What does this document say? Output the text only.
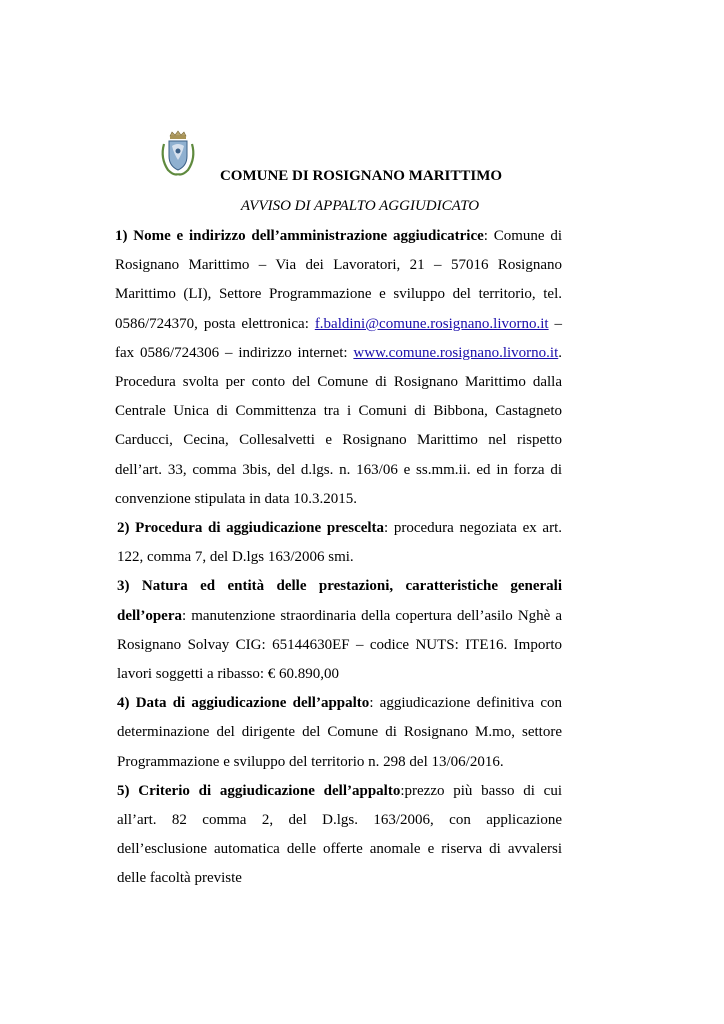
COMUNE DI ROSIGNANO MARITTIMO
AVVISO DI APPALTO AGGIUDICATO

1) Nome e indirizzo dell’amministrazione aggiudicatrice: Comune di Rosignano Marittimo – Via dei Lavoratori, 21 – 57016 Rosignano Marittimo (LI), Settore Programmazione e sviluppo del territorio, tel. 0586/724370, posta elettronica: f.baldini@comune.rosignano.livorno.it – fax 0586/724306 – indirizzo internet: www.comune.rosignano.livorno.it. Procedura svolta per conto del Comune di Rosignano Marittimo dalla Centrale Unica di Committenza tra i Comuni di Bibbona, Castagneto Carducci, Cecina, Collesalvetti e Rosignano Marittimo nel rispetto dell’art. 33, comma 3bis, del d.lgs. n. 163/06 e ss.mm.ii. ed in forza di convenzione stipulata in data 10.3.2015.

2) Procedura di aggiudicazione prescelta: procedura negoziata ex art. 122, comma 7, del D.lgs 163/2006 smi.

3) Natura ed entità delle prestazioni, caratteristiche generali dell’opera: manutenzione straordinaria della copertura dell’asilo Nghè a Rosignano Solvay CIG: 65144630EF – codice NUTS: ITE16. Importo lavori soggetti a ribasso: € 60.890,00

4) Data di aggiudicazione dell’appalto: aggiudicazione definitiva con determinazione del dirigente del Comune di Rosignano M.mo, settore Programmazione e sviluppo del territorio n. 298 del 13/06/2016.

5) Criterio di aggiudicazione dell’appalto:prezzo più basso di cui all’art. 82 comma 2, del D.lgs. 163/2006, con applicazione dell’esclusione automatica delle offerte anomale e riserva di avvalersi delle facoltà previste
